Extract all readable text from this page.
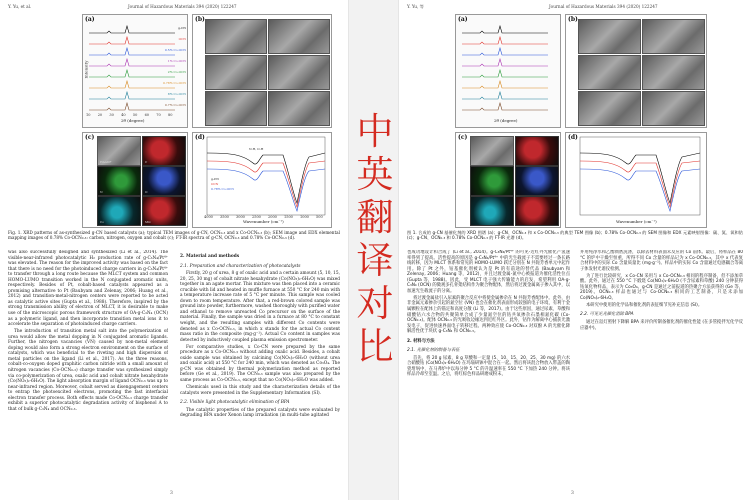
Y. Yu, et al.	Journal of Hazardous Materials 394 (2020) 122247
(a)
Intensity
g-CN
OCN
0.5% Co-OCN
1% Co-OCN
2% Co-OCN
0.78% Co-OCN
8% Co-OCN
0.7% Co-OCN
10 20 30 40 50 60 70 80
2θ (degree)
(b)
(c)
HAADF	C
N	O
Co	Mix
(d)
N-H, O-H
g-CN
OCN
0.78% Co-OCN
4000 3500 3000 2500 2000 1500 1000 500
Wavenumber (cm⁻¹)
Fig. 1. XRD patterns of as-synthesized g-CN based catalysts (a); typical TEM images of g-CN, OCN₀.₃ and x Co-OCN₀.₃ (b); SEM image and EDX elemental mapping images of 0.78% Co-OCN₀.₃: carbon, nitrogen, oxygen and cobalt (c); FT-IR spectra of g-CN, OCN₀.₃ and 0.78% Co-OCN₀.₃ (d).

was also successfully designed and synthesized (Li et al., 2014). The visible-near-infrared photocatalytic H₂ production rate of g-C₃N₄/Pt⁴⁺ was elevated. The reason for the improved activity was based on the fact that there is no need for the photoinduced charge carriers in g-C₃N₄/Pt⁴⁺ to transfer through a long route because the MLCT system and common HOMO-LUMO transition worked in the N conjugated aromatic units, respectively. Besides of Pt, cobalt-based catalysts appeared as a promising alternative to Pt (Baubyam and Zelenay, 2006; Huang et al., 2012) and transition-metal-nitrogen centers were reported to be acted as catalytic active sites (Gupta et al., 1988). Therefore, inspired by the strong transmission ability of electron of MLCT, it is desirable to make use of the microscopic porous framework structure of OA-g-C₃N₄ (OCN) as a polymeric ligand, and then incorporate transition metal ions it to accelerate the separation of photoinduced charge carriers.

The introduction of transition metal salt into the polymerization of urea would allow the metal dopping in N conjugated aromatic ligands. Further, the nitrogen vacancies (VN) caused by non-metal element doping would also form a strong electron environment on the surface of catalysts, which was beneficial to the riveting and high dispersion of metal particles on the ligand (Li et al., 2017). As the three reasons, cobalt-co-oxygen doped graphitic carbon nitride with a small amount of nitrogen vacancies (Co-OCN₀.₃) charge transfer was synthesized simply via co-polymerization of urea, oxalic acid and cobalt nitrate hexahydrate (Co(NO₃)₂·6H₂O). The light absorption margin of ligand OCN₀.₃ was up to near-infrared region. Moreover, cobalt served as disengagement centers to entrap the photoexcited electrons, promoting the fast interfacial electron transfer process. Both effects made Co-OCN₀.₃ charge transfer exhibit a superior photocatalytic degradation activity of bisphenol A to that of bulk g-C₃N₄ and OCN₀.₃.

2. Material and methods
2.1. Preparation and characterization of photocatalysts

Firstly, 20 g of urea, 8 g of oxalic acid and a certain amount (5, 10, 15, 20, 25, 30 mg) of cobalt nitrate hexahydrate (Co(NO₃)₂·6H₂O) was mixed together in an agate mortar. This mixture was then placed into a ceramic crucible with lid and heated in muffle furnace at 550 °C for 240 min with a temperature increase rate of 5 °C per minute. This sample was cooled down to room temperature. After that, a red-brown colored sample was ground into powder, furthermore, washed thoroughly with purified water and ethanol to remove unreacted Co precursor on the surface of the material. Finally, the sample was dried in a furnace at 80 °C to constant weight, and the resulting samples with different Co contents were denoted as x Co-OCN₀.₃, in which x stands for the actual Co content mass ratio in the composite (mg·g⁻¹). Actual Co content in samples was detected by inductively coupled plasma emission spectrometer.

For comparative studies, x Co-CN were prepared by the same procedure as x Co-OCN₀.₃ without adding oxalic acid. Besides, a cobalt oxide sample was obtained by calcining Co(NO₃)₂·6H₂O (without urea and oxalic acid) at 550 °C for 240 min, which was denoted as Co₃O₄. The g-CN was obtained by thermal polymerization method as reported before (Ge et al., 2019). The OCN₀.₃ sample was also prepared by the same process as Co-OCN₀.₃, except that no Co(NO₃)₂·6H₂O was added.

Chemicals used in this study and the characterization details of the catalysts were presented in the Supplementary Information (SI).

2.2. Visible light photocatalytic elimination of BPA

The catalytic properties of the prepared catalysts were evaluated by degrading BPA under Xenon lamp irradiation (in multi-tube agitated

3
中
英
翻
译
对
比
Y. Yu, 等	Journal of Hazardous Materials 394 (2020) 122247
(a)
2θ (degree)
(b)
(c)	(d)
Wavenumber (cm⁻¹)
图 1. 合成的 g-CN 基催化剂的 XRD 图谱 (a)；g-CN、OCN₀.₃ 和 x Co-OCN₀.₃ 的典型 TEM 图像 (b)；0.78% Co-OCN₀.₃ 的 SEM 图像和 EDX 元素映射图像：碳、氮、氧和钴 (c)；g-CN、OCN₀.₃ 和 0.78% Co-OCN₀.₃ 的 FT-IR 光谱 (d)。

也成功地设计和合成了 (Li et al., 2014)。g-C₃N₄/Pt⁴⁺ 的可见-近红外光催化产氢速率得到了提高。活性提高的原因是 g-C₃N₄/Pt⁴⁺ 中的光生载流子不需要经过一条长路线转移，因为 MLCT 体系和常见的 HOMO-LUMO 跃迁分别在 N 共轭芳香单元中起作用。除了 Pt 之外，钴基催化剂被认为是 Pt 的有前途的替代品 (Baubyam 和 Zelenay, 2006；Huang 等，2012)，并且过渡金属-氮中心被报道为催化活性位点 (Gupta 等，1988)。因此，受 MLCT 电子强大传输能力的启发，希望利用 OA-g-C₃N₄ (OCN) 的微观多孔骨架结构作为聚合物配体，然后将过渡金属离子掺入其中，以加速光生载流子的分离。

将过渡金属盐引入尿素的聚合反应中将使金属掺杂在 N 共轭芳香配体中。此外，由非金属元素掺杂引起的氮空位 (VN) 也会在催化剂表面形成较强的电子环境，有利于金属颗粒在配体上的锚定和高度分散 (Li 等，2017)。由于这些原因，通过尿素、草酸和硝酸钴六水合物的共聚简单合成了少量氮空位的钴共氧掺杂石墨相氮化碳 (Co-OCN₀.₃)。配体 OCN₀.₃ 的光吸收边缘达到近红外区。此外，钴作为解离中心捕获光激发电子，促进快速界面电子转移过程。两种效应使 Co-OCN₀.₃ 对双酚 A 的光催化降解活性优于块状 g-C₃N₄ 和 OCN₀.₃。

2. 材料与方法
2.1. 光催化剂的制备与表征

首先，将 20 g 尿素、8 g 草酸和一定量 (5、10、15、20、25、30 mg) 的六水合硝酸钴 (Co(NO₃)₂·6H₂O) 在玛瑙研钵中混合在一起。然后将该混合物放入带盖的陶瓷坩埚中，在马弗炉中以每分钟 5 °C 的升温速率在 550 °C 下加热 240 分钟。将该样品冷却至室温。之后，将红棕色样品研磨成粉末，

并用纯净水和乙醇彻底洗涤，以除去材料表面未反应的 Co 前体。最后，将样品在 80 °C 的炉中干燥至恒重，所得不同 Co 含量的样品记为 x Co-OCN₀.₃，其中 x 代表复合材料中的实际 Co 含量质量比 (mg·g⁻¹)。样品中的实际 Co 含量通过电感耦合等离子体发射光谱仪检测。

为了进行比较研究，x Co-CN 采用与 x Co-OCN₀.₃ 相同的程序制备，但不添加草酸。此外，通过在 550 °C 下煅烧 Co(NO₃)₂·6H₂O (不含尿素和草酸) 240 分钟获得钴氧化物样品，表示为 Co₃O₄。g-CN 是通过之前报道的热聚合方法获得的 (Ge 等，2019)。OCN₀.₃ 样品也通过与 Co-OCN₀.₃ 相同的工艺制备，只是未添加 Co(NO₃)₂·6H₂O。

本研究中使用的化学品和催化剂的表征细节见补充信息 (SI)。

2.2. 可见光光催化消除 BPA

通过在氙灯照射下降解 BPA 来评价所制备催化剂的催化性能 (在多管搅拌光化学反应器中)。

3
